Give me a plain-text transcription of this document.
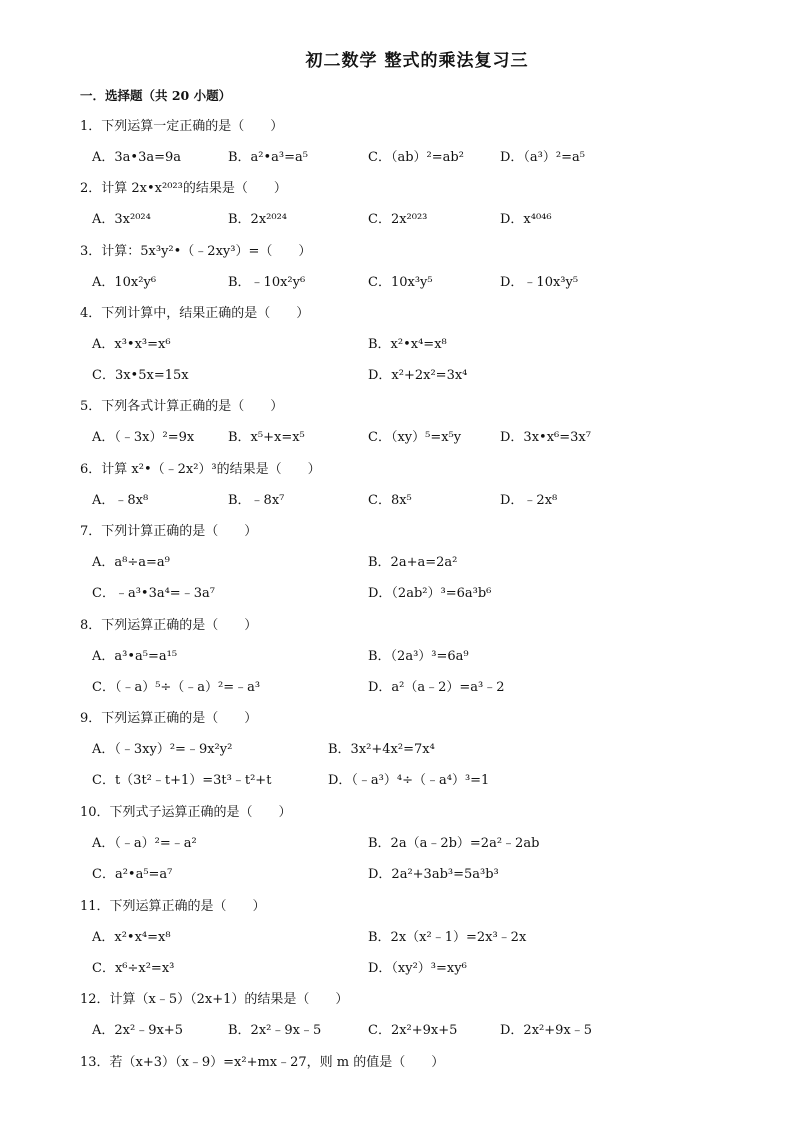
初二数学 整式的乘法复习三
一．选择题（共 20 小题）
1．下列运算一定正确的是（　　）
A．3a•3a=9a	B．a²•a³=a⁵	C．（ab）²=ab²	D．（a³）²=a⁵
2．计算 2x•x²⁰²³的结果是（　　）
A．3x²⁰²⁴	B．2x²⁰²⁴	C．2x²⁰²³	D．x⁴⁰⁴⁶
3．计算：5x³y²•（﹣2xy³）=（　　）
A．10x²y⁶	B．﹣10x²y⁶	C．10x³y⁵	D．﹣10x³y⁵
4．下列计算中，结果正确的是（　　）
A．x³•x³=x⁶	B．x²•x⁴=x⁸
C．3x•5x=15x	D．x²+2x²=3x⁴
5．下列各式计算正确的是（　　）
A．（﹣3x）²=9x	B．x⁵+x=x⁵	C．（xy）⁵=x⁵y	D．3x•x⁶=3x⁷
6．计算 x²•（﹣2x²）³的结果是（　　）
A．﹣8x⁸	B．﹣8x⁷	C．8x⁵	D．﹣2x⁸
7．下列计算正确的是（　　）
A．a⁸÷a=a⁹	B．2a+a=2a²
C．﹣a³•3a⁴=﹣3a⁷	D．（2ab²）³=6a³b⁶
8．下列运算正确的是（　　）
A．a³•a⁵=a¹⁵	B．（2a³）³=6a⁹
C．（﹣a）⁵÷（﹣a）²=﹣a³	D．a²（a﹣2）=a³﹣2
9．下列运算正确的是（　　）
A．（﹣3xy）²=﹣9x²y²	B．3x²+4x²=7x⁴
C．t（3t²﹣t+1）=3t³﹣t²+t	D．（﹣a³）⁴÷（﹣a⁴）³=1
10．下列式子运算正确的是（　　）
A．（﹣a）²=﹣a²	B．2a（a﹣2b）=2a²﹣2ab
C．a²•a⁵=a⁷	D．2a²+3ab³=5a³b³
11．下列运算正确的是（　　）
A．x²•x⁴=x⁸	B．2x（x²﹣1）=2x³﹣2x
C．x⁶÷x²=x³	D．（xy²）³=xy⁶
12．计算（x﹣5）（2x+1）的结果是（　　）
A．2x²﹣9x+5	B．2x²﹣9x﹣5	C．2x²+9x+5	D．2x²+9x﹣5
13．若（x+3）（x﹣9）=x²+mx﹣27，则 m 的值是（　　）
